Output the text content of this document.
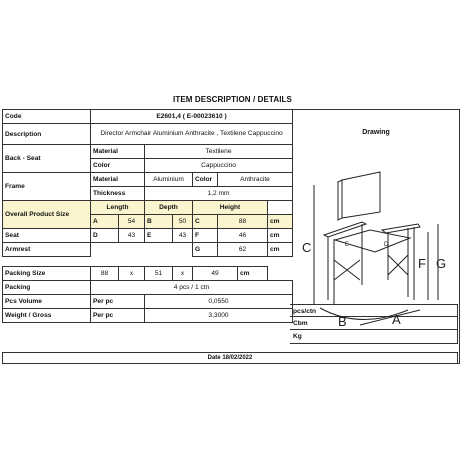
ITEM DESCRIPTION / DETAILS
Code	E2601,4 ( E-00023610 )							
Description	Director Armchair Aluminium Anthracite , Textilene Cappuccino							
Back - Seat	Material		Textilene					
	Color		Cappuccino					
Frame	Material		Aluminium		Color	Anthracite		
	Thickness		1,2 mm					
Overall Product Size	Length		Depth		Height			
	A	54	B	50	C	88		cm
Seat	D	43	E	43	F	46		cm
Armrest					G	62		cm

Packing Size	88	x	51	x	49		cm	
Packing	4 pcs / 1 ctn							
Pcs Volume	Per pc		0,0550					
Weight / Gross	Per pc		3,3000					
Drawing
pcs/ctn
Cbm
Kg
Date 18/02/2022
C
F G
B	A
D
E
